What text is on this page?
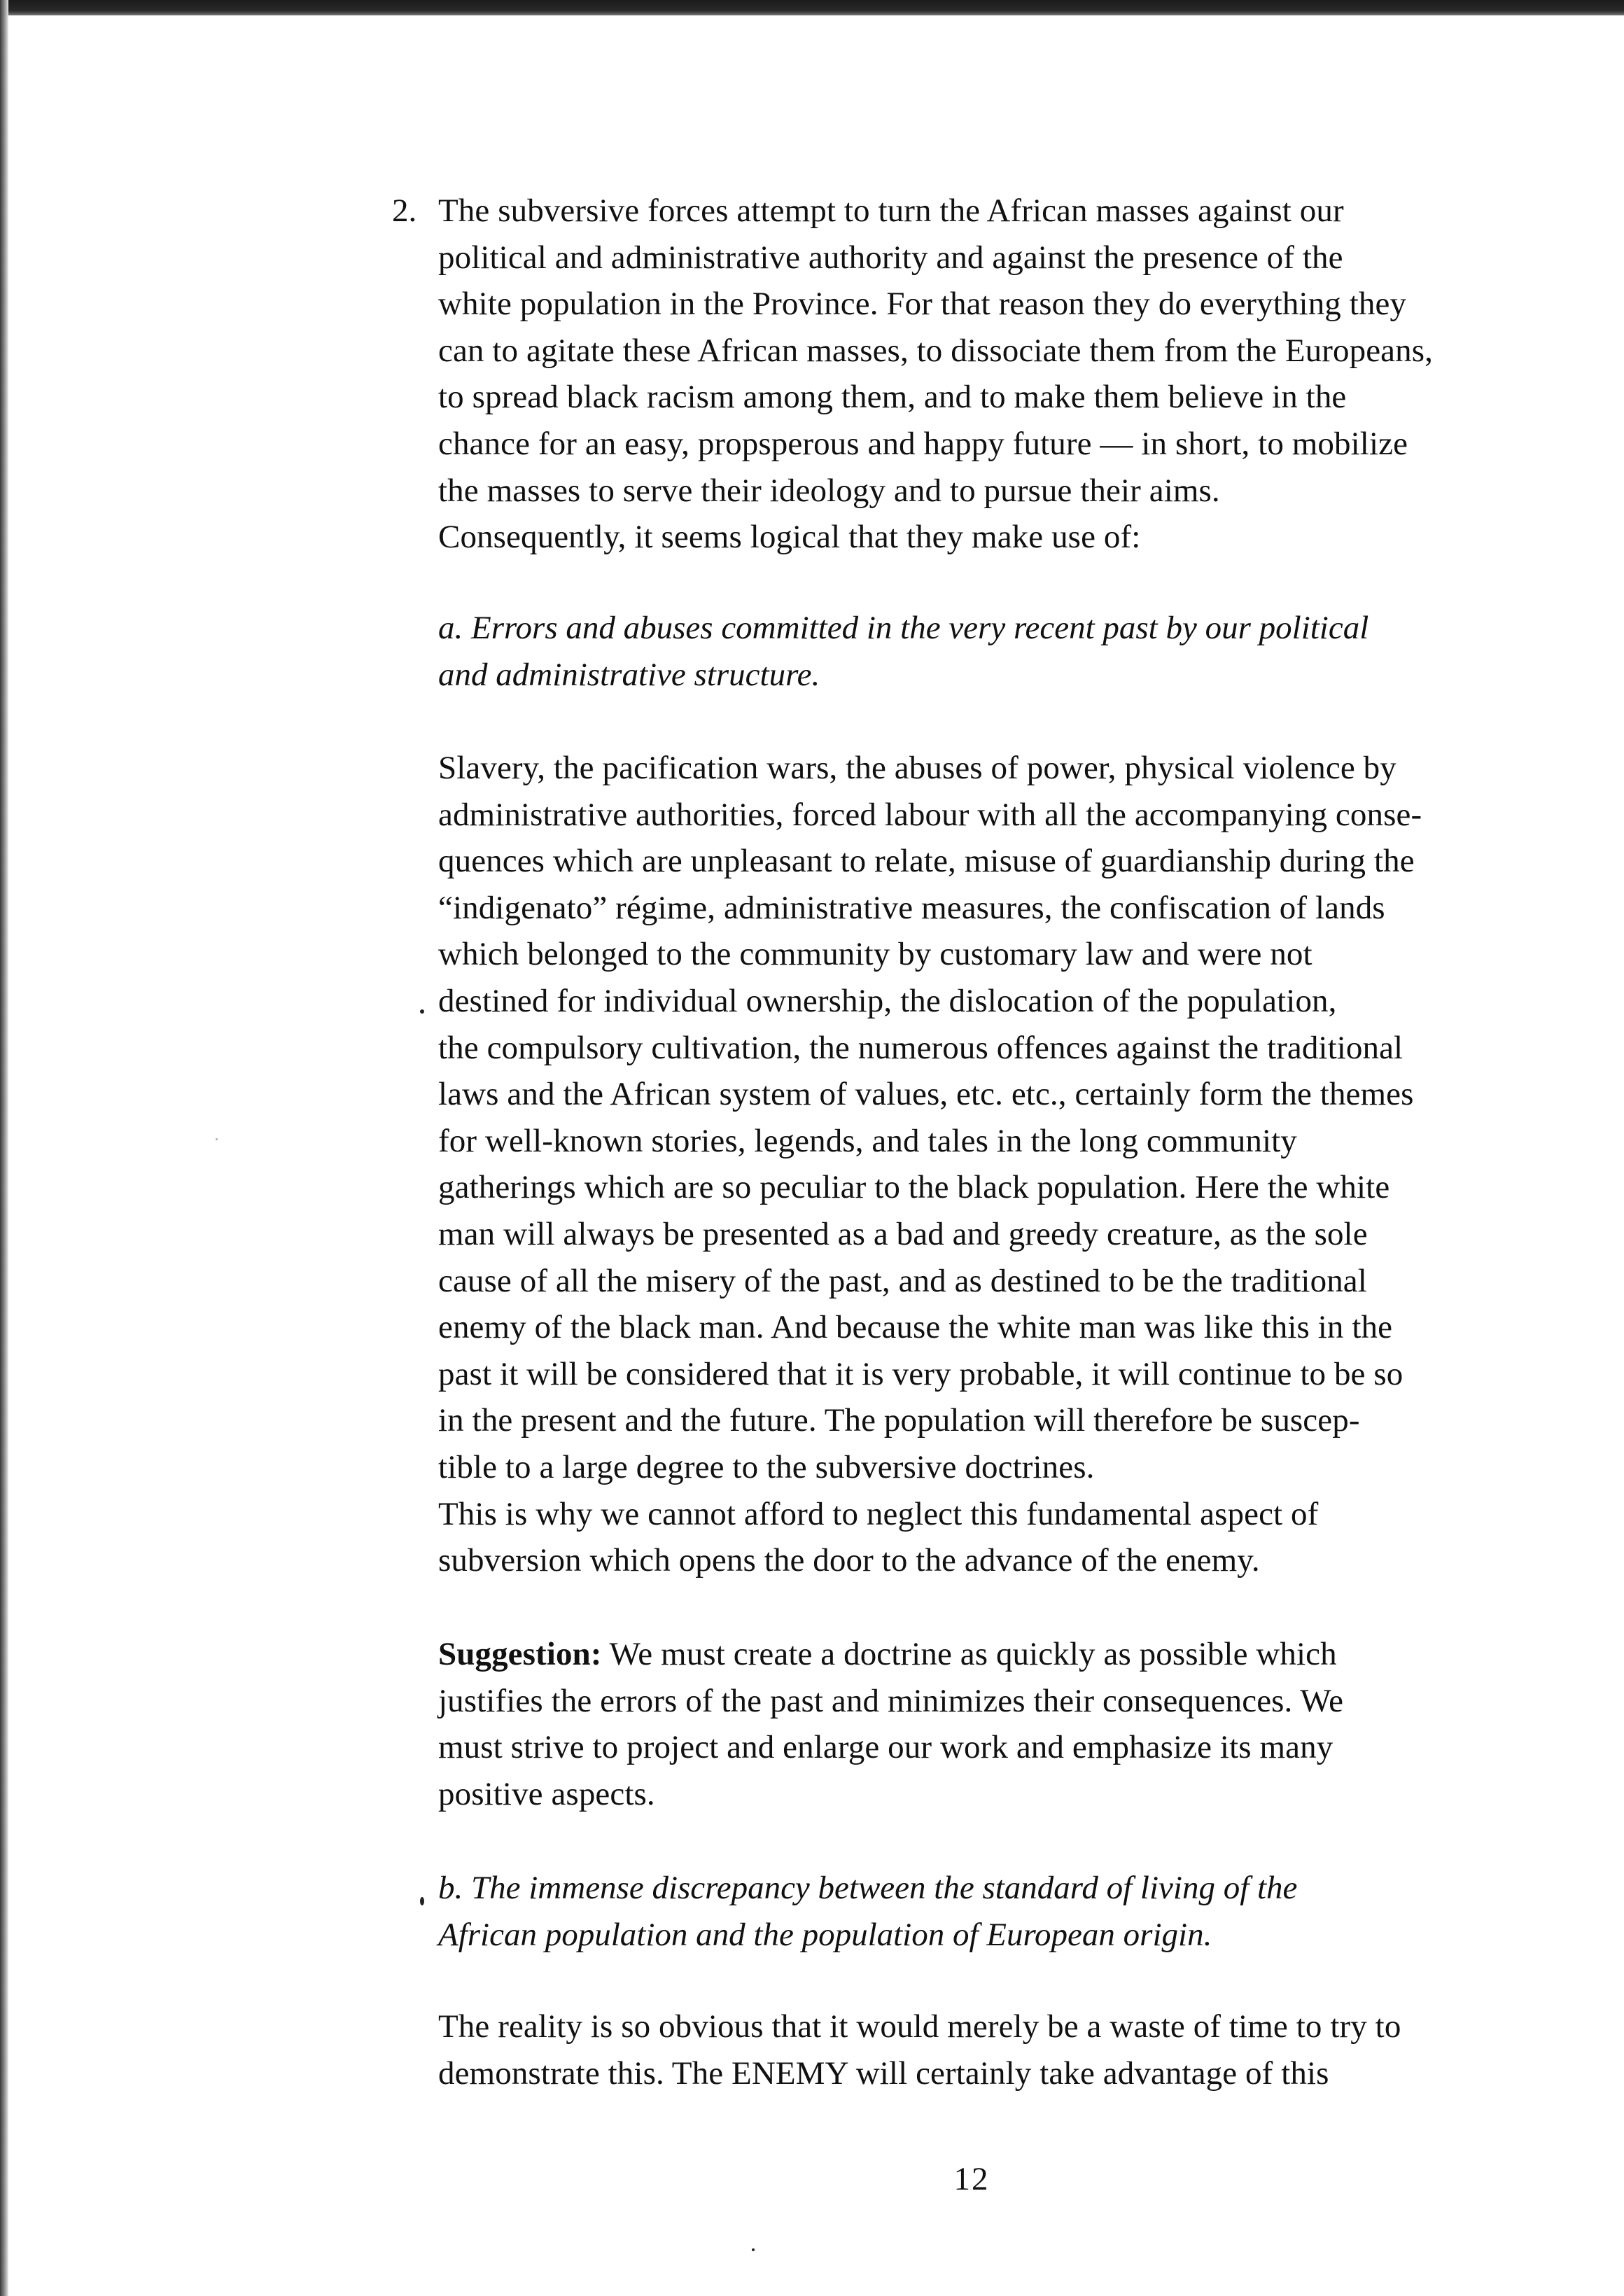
2. The subversive forces attempt to turn the African masses against our
political and administrative authority and against the presence of the
white population in the Province. For that reason they do everything they
can to agitate these African masses, to dissociate them from the Europeans,
to spread black racism among them, and to make them believe in the
chance for an easy, propsperous and happy future — in short, to mobilize
the masses to serve their ideology and to pursue their aims.
Consequently, it seems logical that they make use of:

a. Errors and abuses committed in the very recent past by our political
and administrative structure.

Slavery, the pacification wars, the abuses of power, physical violence by
administrative authorities, forced labour with all the accompanying conse-
quences which are unpleasant to relate, misuse of guardianship during the
“indigenato” régime, administrative measures, the confiscation of lands
which belonged to the community by customary law and were not
destined for individual ownership, the dislocation of the population,
the compulsory cultivation, the numerous offences against the traditional
laws and the African system of values, etc. etc., certainly form the themes
for well-known stories, legends, and tales in the long community
gatherings which are so peculiar to the black population. Here the white
man will always be presented as a bad and greedy creature, as the sole
cause of all the misery of the past, and as destined to be the traditional
enemy of the black man. And because the white man was like this in the
past it will be considered that it is very probable, it will continue to be so
in the present and the future. The population will therefore be suscep-
tible to a large degree to the subversive doctrines.
This is why we cannot afford to neglect this fundamental aspect of
subversion which opens the door to the advance of the enemy.

Suggestion: We must create a doctrine as quickly as possible which
justifies the errors of the past and minimizes their consequences. We
must strive to project and enlarge our work and emphasize its many
positive aspects.

b. The immense discrepancy between the standard of living of the
African population and the population of European origin.

The reality is so obvious that it would merely be a waste of time to try to
demonstrate this. The ENEMY will certainly take advantage of this

12
